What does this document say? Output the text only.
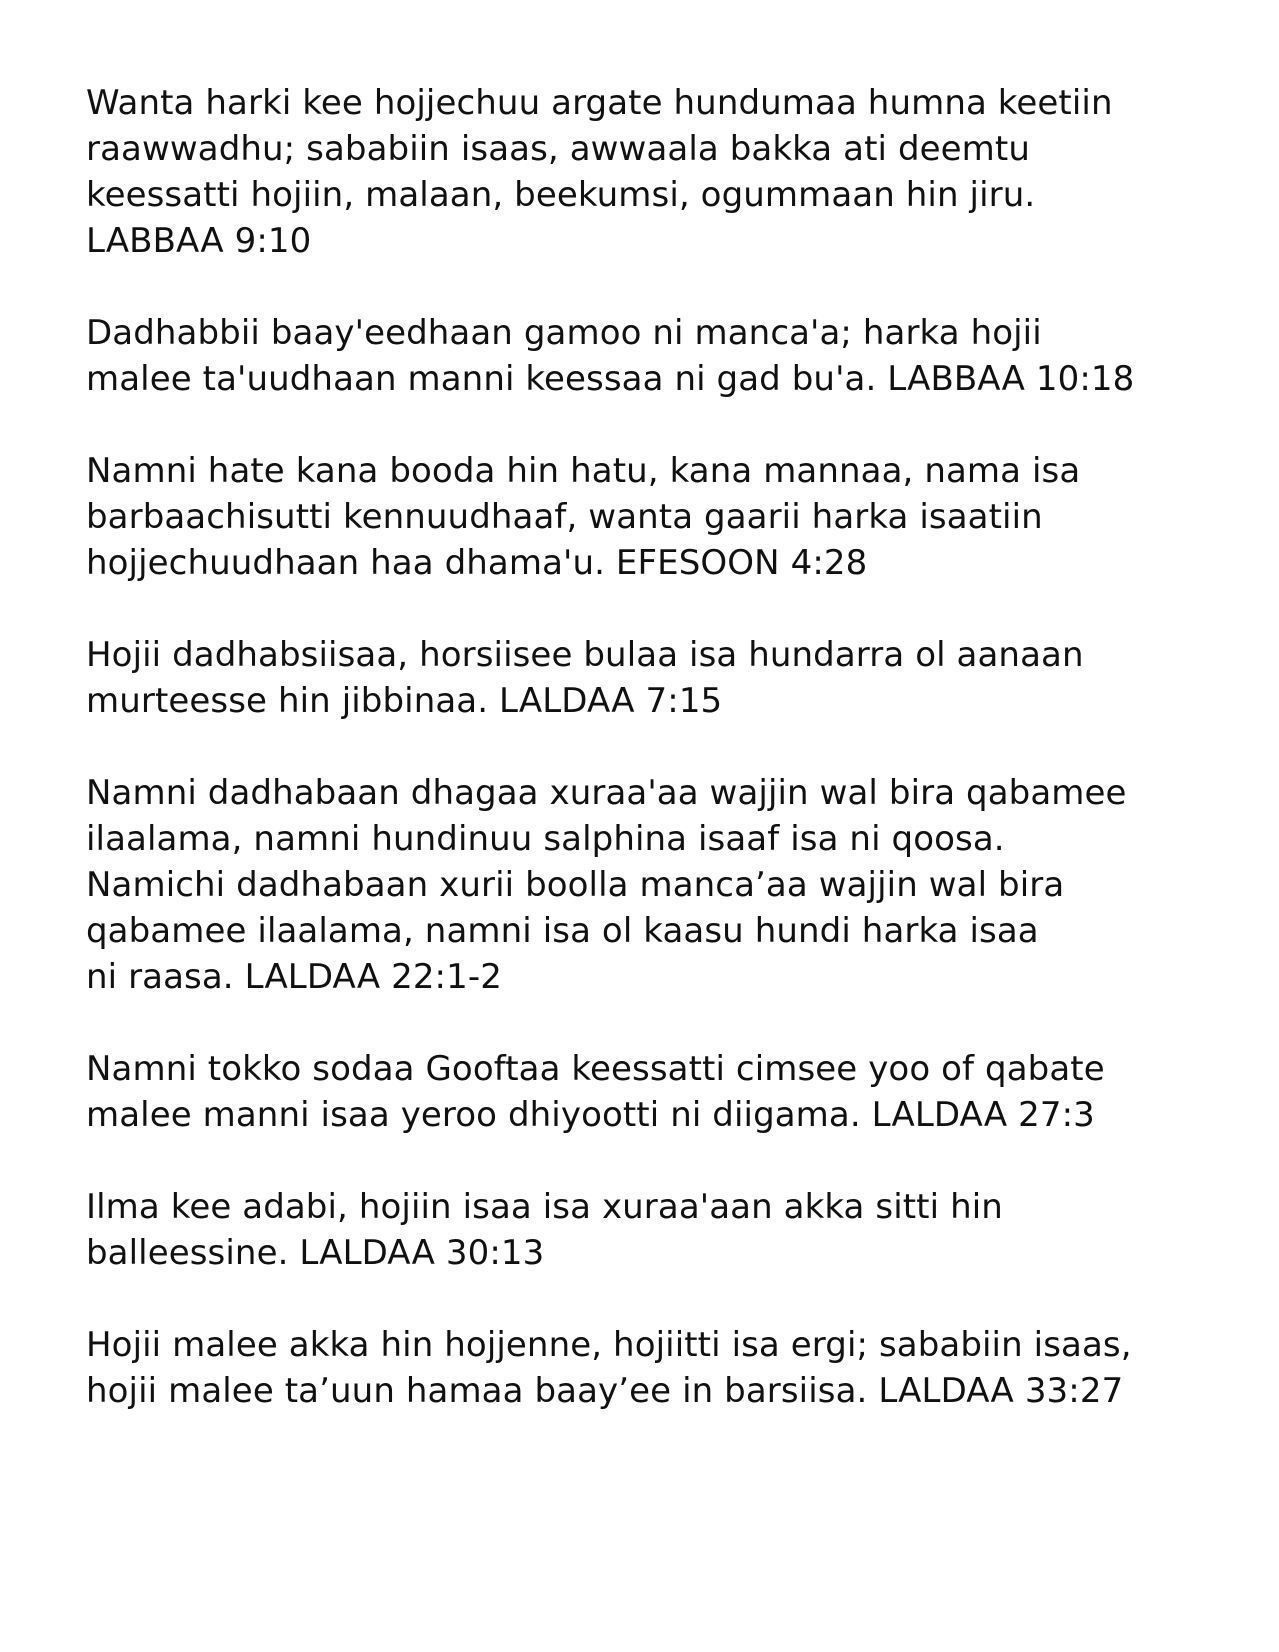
Wanta harki kee hojjechuu argate hundumaa humna keetiin
raawwadhu; sababiin isaas, awwaala bakka ati deemtu
keessatti hojiin, malaan, beekumsi, ogummaan hin jiru.
LABBAA 9:10

Dadhabbii baay'eedhaan gamoo ni manca'a; harka hojii
malee ta'uudhaan manni keessaa ni gad bu'a. LABBAA 10:18

Namni hate kana booda hin hatu, kana mannaa, nama isa
barbaachisutti kennuudhaaf, wanta gaarii harka isaatiin
hojjechuudhaan haa dhama'u. EFESOON 4:28

Hojii dadhabsiisaa, horsiisee bulaa isa hundarra ol aanaan
murteesse hin jibbinaa. LALDAA 7:15

Namni dadhabaan dhagaa xuraa'aa wajjin wal bira qabamee
ilaalama, namni hundinuu salphina isaaf isa ni qoosa.
Namichi dadhabaan xurii boolla manca’aa wajjin wal bira
qabamee ilaalama, namni isa ol kaasu hundi harka isaa
ni raasa. LALDAA 22:1-2

Namni tokko sodaa Gooftaa keessatti cimsee yoo of qabate
malee manni isaa yeroo dhiyootti ni diigama. LALDAA 27:3

Ilma kee adabi, hojiin isaa isa xuraa'aan akka sitti hin
balleessine. LALDAA 30:13

Hojii malee akka hin hojjenne, hojiitti isa ergi; sababiin isaas,
hojii malee ta’uun hamaa baay’ee in barsiisa. LALDAA 33:27
